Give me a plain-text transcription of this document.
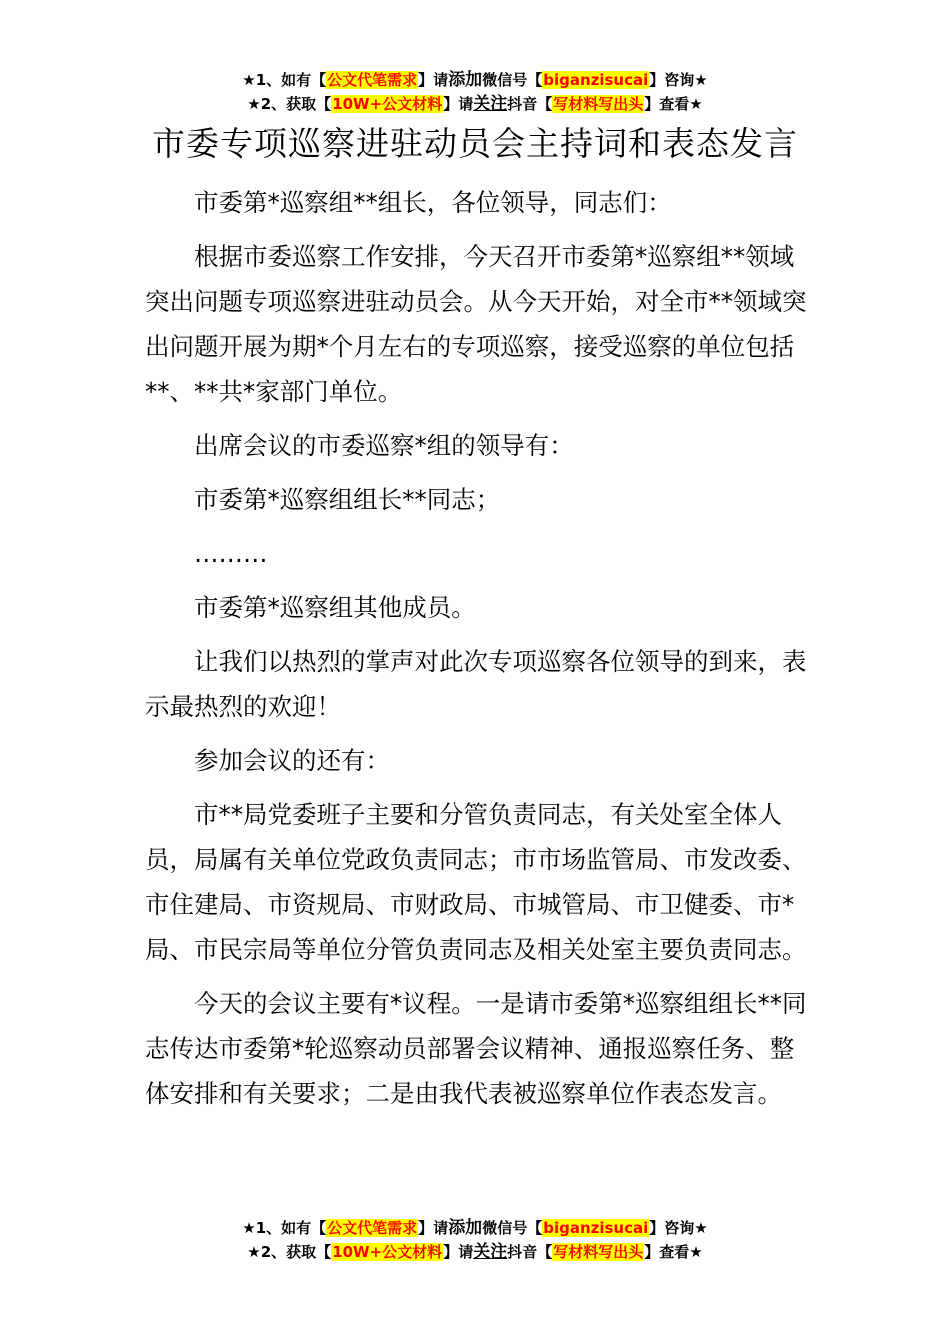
★1、如有【公文代笔需求】请添加微信号【biganzisucai】咨询★
★2、获取【10W+公文材料】请关注抖音【写材料写出头】查看★
市委专项巡察进驻动员会主持词和表态发言

市委第*巡察组**组长，各位领导，同志们：

根据市委巡察工作安排，今天召开市委第*巡察组**领域突出问题专项巡察进驻动员会。从今天开始，对全市**领域突出问题开展为期*个月左右的专项巡察，接受巡察的单位包括**、**共*家部门单位。

出席会议的市委巡察*组的领导有：

市委第*巡察组组长**同志；

………

市委第*巡察组其他成员。

让我们以热烈的掌声对此次专项巡察各位领导的到来，表示最热烈的欢迎！

参加会议的还有：

市**局党委班子主要和分管负责同志，有关处室全体人员，局属有关单位党政负责同志；市市场监管局、市发改委、市住建局、市资规局、市财政局、市城管局、市卫健委、市*局、市民宗局等单位分管负责同志及相关处室主要负责同志。

今天的会议主要有*议程。一是请市委第*巡察组组长**同志传达市委第*轮巡察动员部署会议精神、通报巡察任务、整体安排和有关要求；二是由我代表被巡察单位作表态发言。

★1、如有【公文代笔需求】请添加微信号【biganzisucai】咨询★
★2、获取【10W+公文材料】请关注抖音【写材料写出头】查看★
